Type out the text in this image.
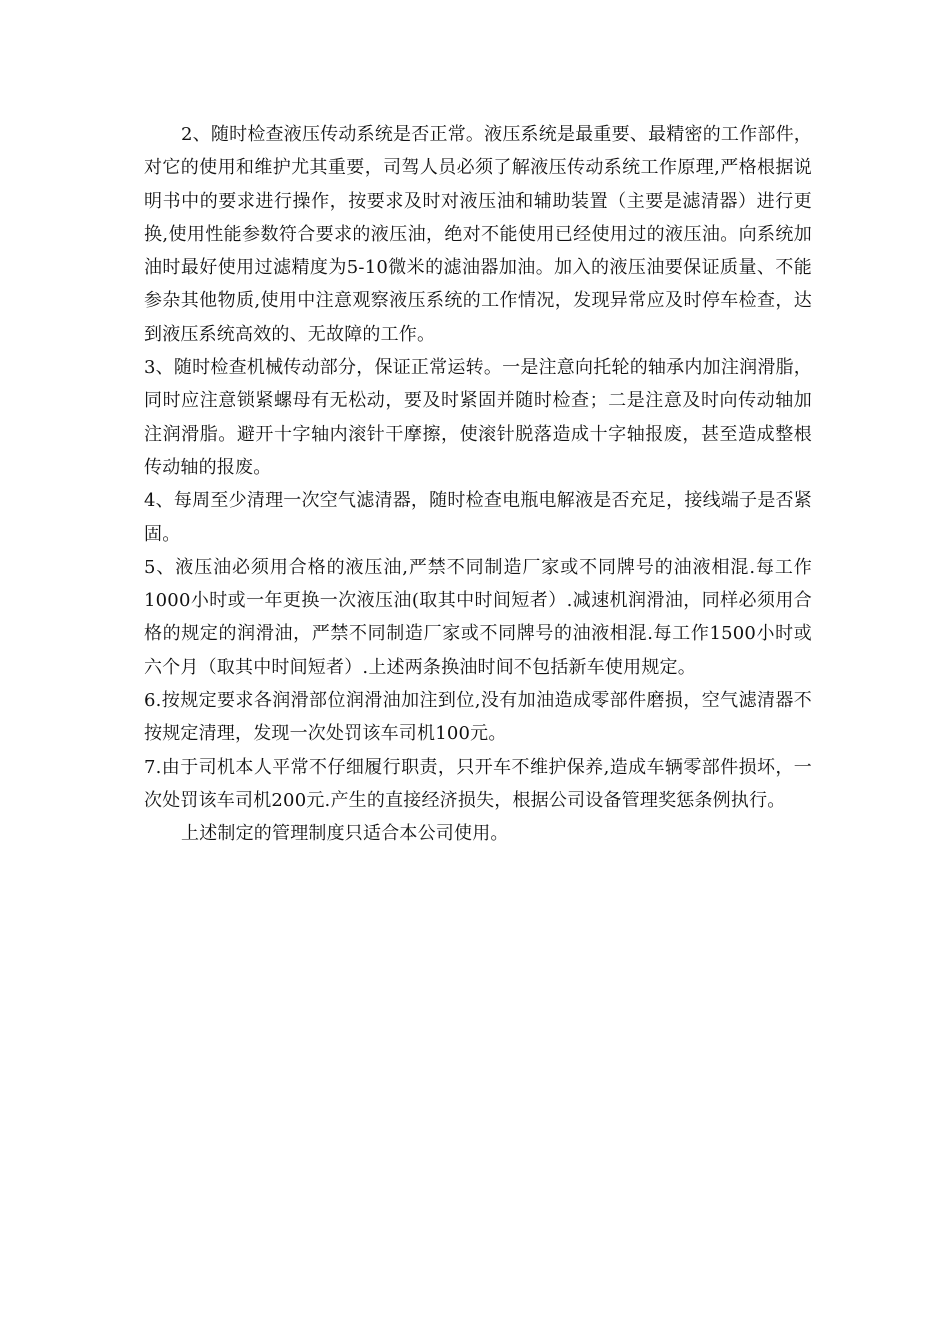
2、随时检查液压传动系统是否正常。液压系统是最重要、最精密的工作部件，对它的使用和维护尤其重要，司驾人员必须了解液压传动系统工作原理,严格根据说明书中的要求进行操作，按要求及时对液压油和辅助装置（主要是滤清器）进行更换,使用性能参数符合要求的液压油，绝对不能使用已经使用过的液压油。向系统加油时最好使用过滤精度为5-10微米的滤油器加油。加入的液压油要保证质量、不能参杂其他物质,使用中注意观察液压系统的工作情况，发现异常应及时停车检查，达到液压系统高效的、无故障的工作。

3、随时检查机械传动部分，保证正常运转。一是注意向托轮的轴承内加注润滑脂，同时应注意锁紧螺母有无松动，要及时紧固并随时检查；二是注意及时向传动轴加注润滑脂。避开十字轴内滚针干摩擦，使滚针脱落造成十字轴报废，甚至造成整根传动轴的报废。

4、每周至少清理一次空气滤清器，随时检查电瓶电解液是否充足，接线端子是否紧固。

5、液压油必须用合格的液压油,严禁不同制造厂家或不同牌号的油液相混.每工作1000小时或一年更换一次液压油(取其中时间短者）.减速机润滑油，同样必须用合格的规定的润滑油，严禁不同制造厂家或不同牌号的油液相混.每工作1500小时或六个月（取其中时间短者）.上述两条换油时间不包括新车使用规定。

6.按规定要求各润滑部位润滑油加注到位,没有加油造成零部件磨损，空气滤清器不按规定清理，发现一次处罚该车司机100元。

7.由于司机本人平常不仔细履行职责，只开车不维护保养,造成车辆零部件损坏，一次处罚该车司机200元.产生的直接经济损失，根据公司设备管理奖惩条例执行。

上述制定的管理制度只适合本公司使用。
